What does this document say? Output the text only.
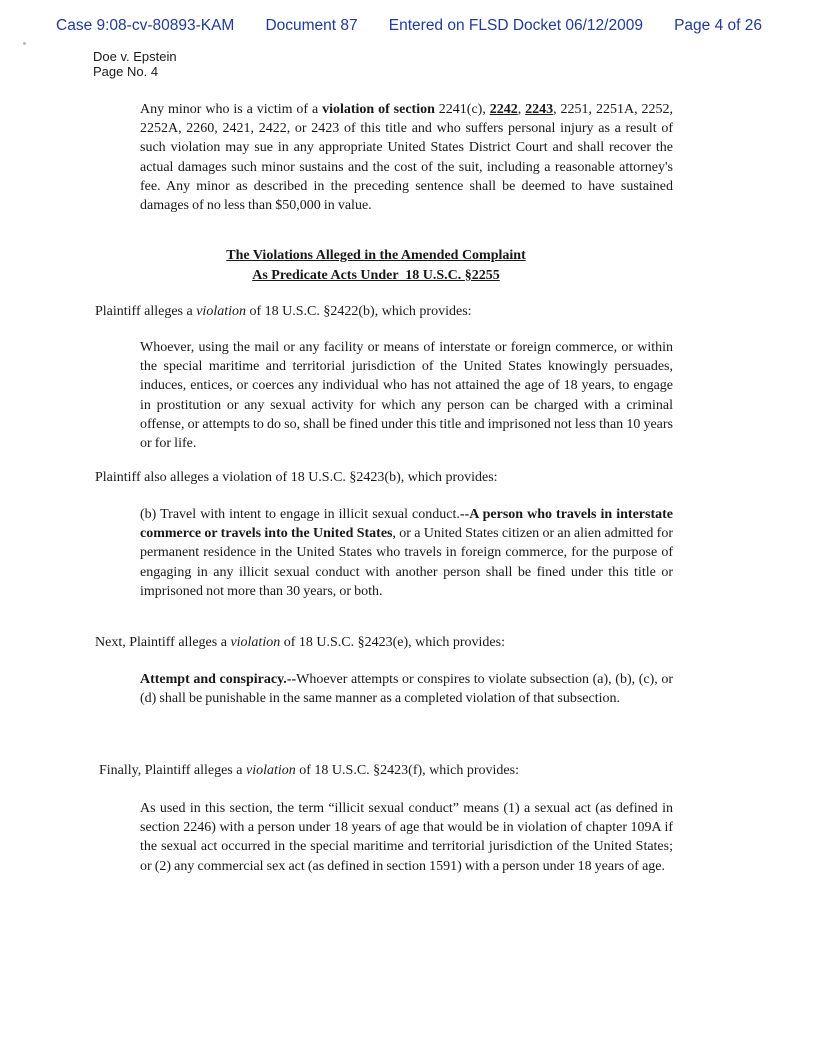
Case 9:08-cv-80893-KAM Document 87 Entered on FLSD Docket 06/12/2009 Page 4 of 26
Doe v. Epstein
Page No. 4
Any minor who is a victim of a violation of section 2241(c), 2242, 2243, 2251, 2251A, 2252, 2252A, 2260, 2421, 2422, or 2423 of this title and who suffers personal injury as a result of such violation may sue in any appropriate United States District Court and shall recover the actual damages such minor sustains and the cost of the suit, including a reasonable attorney's fee. Any minor as described in the preceding sentence shall be deemed to have sustained damages of no less than $50,000 in value.
The Violations Alleged in the Amended Complaint
As Predicate Acts Under  18 U.S.C. §2255
Plaintiff alleges a violation of 18 U.S.C. §2422(b), which provides:
Whoever, using the mail or any facility or means of interstate or foreign commerce, or within the special maritime and territorial jurisdiction of the United States knowingly persuades, induces, entices, or coerces any individual who has not attained the age of 18 years, to engage in prostitution or any sexual activity for which any person can be charged with a criminal offense, or attempts to do so, shall be fined under this title and imprisoned not less than 10 years or for life.
Plaintiff also alleges a violation of 18 U.S.C. §2423(b), which provides:
(b) Travel with intent to engage in illicit sexual conduct.--A person who travels in interstate commerce or travels into the United States, or a United States citizen or an alien admitted for permanent residence in the United States who travels in foreign commerce, for the purpose of engaging in any illicit sexual conduct with another person shall be fined under this title or imprisoned not more than 30 years, or both.
Next, Plaintiff alleges a violation of 18 U.S.C. §2423(e), which provides:
Attempt and conspiracy.--Whoever attempts or conspires to violate subsection (a), (b), (c), or (d) shall be punishable in the same manner as a completed violation of that subsection.
Finally, Plaintiff alleges a violation of 18 U.S.C. §2423(f), which provides:
As used in this section, the term “illicit sexual conduct” means (1) a sexual act (as defined in section 2246) with a person under 18 years of age that would be in violation of chapter 109A if the sexual act occurred in the special maritime and territorial jurisdiction of the United States; or (2) any commercial sex act (as defined in section 1591) with a person under 18 years of age.
